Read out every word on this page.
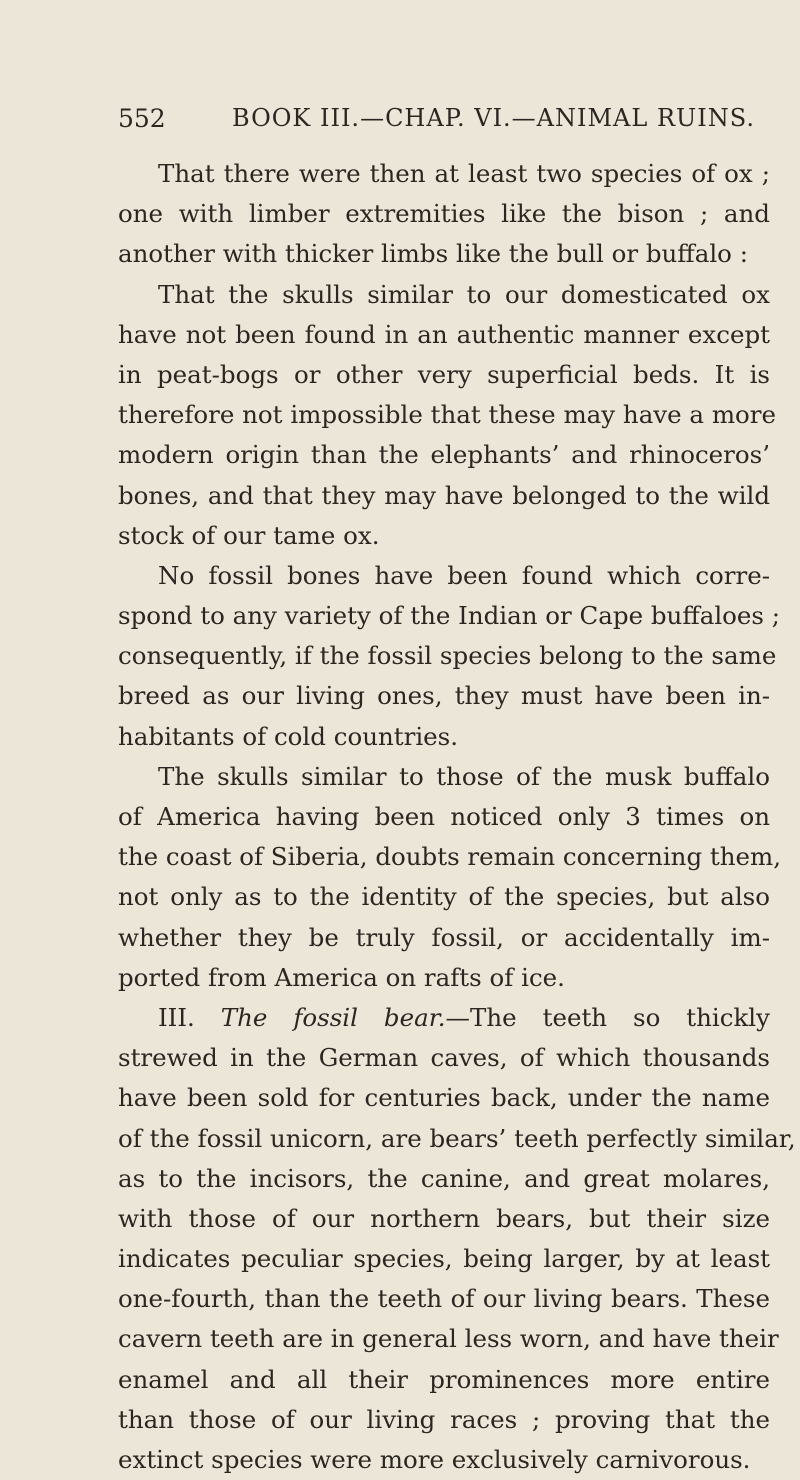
552	BOOK III.—CHAP. VI.—ANIMAL RUINS.
That there were then at least two species of ox ;
one with limber extremities like the bison ; and
another with thicker limbs like the bull or buffalo :
That the skulls similar to our domesticated ox
have not been found in an authentic manner except
in peat-bogs or other very superficial beds. It is
therefore not impossible that these may have a more
modern origin than the elephants’ and rhinoceros’
bones, and that they may have belonged to the wild
stock of our tame ox.
No fossil bones have been found which corre-
spond to any variety of the Indian or Cape buffaloes ;
consequently, if the fossil species belong to the same
breed as our living ones, they must have been in-
habitants of cold countries.
The skulls similar to those of the musk buffalo
of America having been noticed only 3 times on
the coast of Siberia, doubts remain concerning them,
not only as to the identity of the species, but also
whether they be truly fossil, or accidentally im-
ported from America on rafts of ice.
III. The fossil bear.—The teeth so thickly
strewed in the German caves, of which thousands
have been sold for centuries back, under the name
of the fossil unicorn, are bears’ teeth perfectly similar,
as to the incisors, the canine, and great molares,
with those of our northern bears, but their size
indicates peculiar species, being larger, by at least
one-fourth, than the teeth of our living bears. These
cavern teeth are in general less worn, and have their
enamel and all their prominences more entire
than those of our living races ; proving that the
extinct species were more exclusively carnivorous.
